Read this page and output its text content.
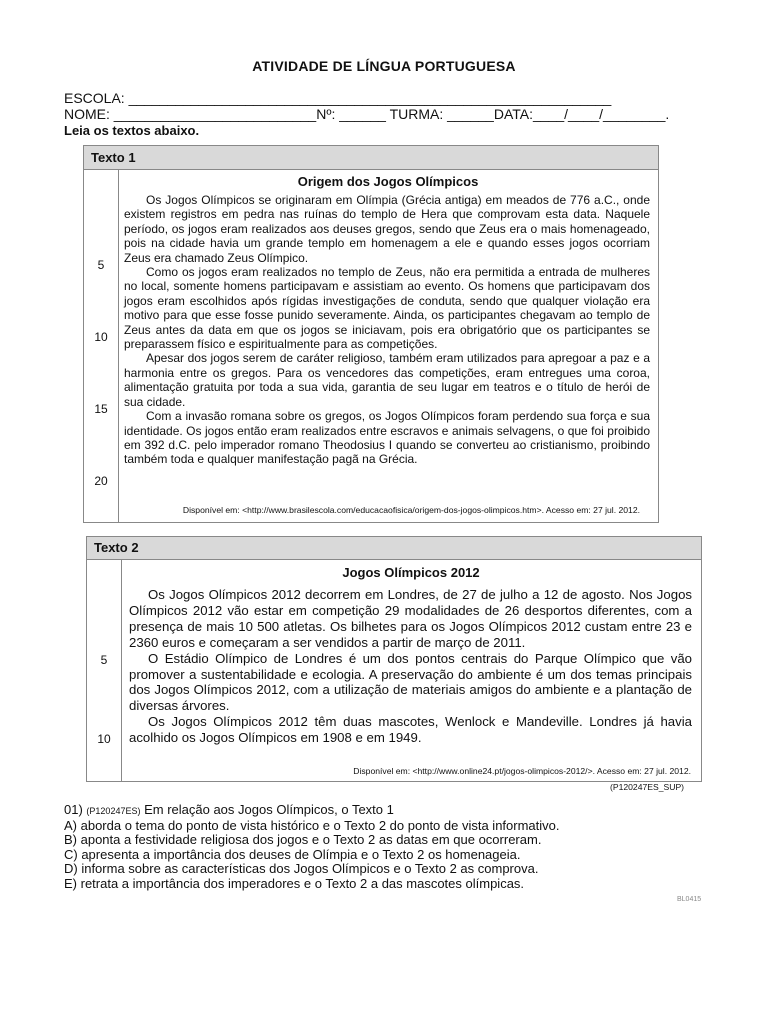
ATIVIDADE DE LÍNGUA PORTUGUESA
ESCOLA: ______________________________________________________________
NOME: __________________________Nº: ______ TURMA: ______DATA:____/____/________.
Leia os textos abaixo.
Texto 1
5
10
15
20
Origem dos Jogos Olímpicos

Os Jogos Olímpicos se originaram em Olímpia (Grécia antiga) em meados de 776 a.C., onde existem registros em pedra nas ruínas do templo de Hera que comprovam esta data. Naquele período, os jogos eram realizados aos deuses gregos, sendo que Zeus era o mais homenageado, pois na cidade havia um grande templo em homenagem a ele e quando esses jogos ocorriam Zeus era chamado Zeus Olímpico.

Como os jogos eram realizados no templo de Zeus, não era permitida a entrada de mulheres no local, somente homens participavam e assistiam ao evento. Os homens que participavam dos jogos eram escolhidos após rígidas investigações de conduta, sendo que qualquer violação era motivo para que esse fosse punido severamente. Ainda, os participantes chegavam ao templo de Zeus antes da data em que os jogos se iniciavam, pois era obrigatório que os participantes se preparassem físico e espiritualmente para as competições.

Apesar dos jogos serem de caráter religioso, também eram utilizados para apregoar a paz e a harmonia entre os gregos. Para os vencedores das competições, eram entregues uma coroa, alimentação gratuita por toda a sua vida, garantia de seu lugar em teatros e o título de herói de sua cidade.

Com a invasão romana sobre os gregos, os Jogos Olímpicos foram perdendo sua força e sua identidade. Os jogos então eram realizados entre escravos e animais selvagens, o que foi proibido em 392 d.C. pelo imperador romano Theodosius I quando se converteu ao cristianismo, proibindo também toda e qualquer manifestação pagã na Grécia.

Disponível em: <http://www.brasilescola.com/educacaofisica/origem-dos-jogos-olimpicos.htm>. Acesso em: 27 jul. 2012.
Texto 2
5
10
Jogos Olímpicos 2012

Os Jogos Olímpicos 2012 decorrem em Londres, de 27 de julho a 12 de agosto. Nos Jogos Olímpicos 2012 vão estar em competição 29 modalidades de 26 desportos diferentes, com a presença de mais 10 500 atletas. Os bilhetes para os Jogos Olímpicos 2012 custam entre 23 e 2360 euros e começaram a ser vendidos a partir de março de 2011.

O Estádio Olímpico de Londres é um dos pontos centrais do Parque Olímpico que vão promover a sustentabilidade e ecologia. A preservação do ambiente é um dos temas principais dos Jogos Olímpicos 2012, com a utilização de materiais amigos do ambiente e a plantação de diversas árvores.

Os Jogos Olímpicos 2012 têm duas mascotes, Wenlock e Mandeville. Londres já havia acolhido os Jogos Olímpicos em 1908 e em 1949.

Disponível em: <http://www.online24.pt/jogos-olimpicos-2012/>. Acesso em: 27 jul. 2012.
(P120247ES_SUP)

01) (P120247ES) Em relação aos Jogos Olímpicos, o Texto 1

A) aborda o tema do ponto de vista histórico e o Texto 2 do ponto de vista informativo.

B) aponta a festividade religiosa dos jogos e o Texto 2 as datas em que ocorreram.

C) apresenta a importância dos deuses de Olímpia e o Texto 2 os homenageia.

D) informa sobre as características dos Jogos Olímpicos e o Texto 2 as comprova.

E) retrata a importância dos imperadores e o Texto 2 a das mascotes olímpicas.

BL0415
